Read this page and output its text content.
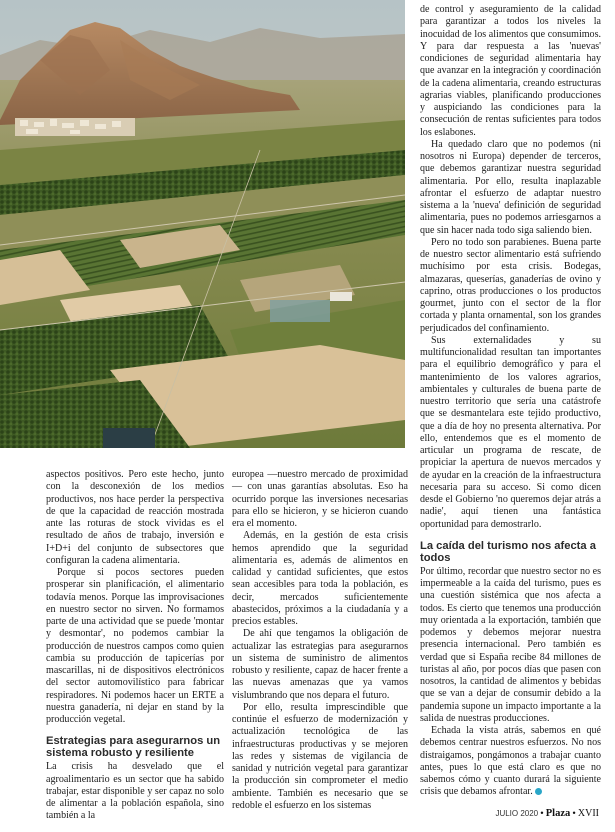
aspectos positivos. Pero este hecho, junto con la desconexión de los medios productivos, nos hace perder la perspectiva de que la capacidad de reacción mostrada ante las roturas de stock vividas es el resultado de años de trabajo, inversión e I+D+i del conjunto de subsectores que configuran la cadena alimentaria.

Porque si pocos sectores pueden prosperar sin planificación, el alimentario todavía menos. Porque las improvisaciones en nuestro sector no sirven. No formamos parte de una actividad que se puede 'montar y desmontar', no podemos cambiar la producción de nuestros campos como quien cambia su producción de tapicerías por mascarillas, ni de dispositivos electrónicos del sector automovilístico para fabricar respiradores. Ni podemos hacer un ERTE a nuestra ganadería, ni dejar en stand by la producción vegetal.

Estrategias para asegurarnos un sistema robusto y resiliente

La crisis ha desvelado que el agroalimentario es un sector que ha sabido trabajar, estar disponible y ser capaz no solo de alimentar a la población española, sino también a la

europea —nuestro mercado de proximidad— con unas garantías absolutas. Eso ha ocurrido porque las inversiones necesarias para ello se hicieron, y se hicieron cuando era el momento.

Además, en la gestión de esta crisis hemos aprendido que la seguridad alimentaria es, además de alimentos en calidad y cantidad suficientes, que estos sean accesibles para toda la población, es decir, mercados suficientemente abastecidos, próximos a la ciudadanía y a precios estables.

De ahí que tengamos la obligación de actualizar las estrategias para asegurarnos un sistema de suministro de alimentos robusto y resiliente, capaz de hacer frente a las nuevas amenazas que ya vamos vislumbrando que nos depara el futuro.

Por ello, resulta imprescindible que continúe el esfuerzo de modernización y actualización tecnológica de las infraestructuras productivas y se mejoren las redes y sistemas de vigilancia de sanidad y nutrición vegetal para garantizar la producción sin comprometer el medio ambiente. También es necesario que se redoble el esfuerzo en los sistemas

de control y aseguramiento de la calidad para garantizar a todos los niveles la inocuidad de los alimentos que consumimos. Y para dar respuesta a las 'nuevas' condiciones de seguridad alimentaria hay que avanzar en la integración y coordinación de la cadena alimentaria, creando estructuras agrarias viables, planificando producciones y auspiciando las condiciones para la consecución de rentas suficientes para todos los eslabones.

Ha quedado claro que no podemos (ni nosotros ni Europa) depender de terceros, que debemos garantizar nuestra seguridad alimentaria. Por ello, resulta inaplazable afrontar el esfuerzo de adaptar nuestro sistema a la 'nueva' definición de seguridad alimentaria, pues no podemos arriesgarnos a que sin hacer nada todo siga saliendo bien.

Pero no todo son parabienes. Buena parte de nuestro sector alimentario está sufriendo muchísimo por esta crisis. Bodegas, almazaras, queserías, ganaderías de ovino y caprino, otras producciones o los productos gourmet, junto con el sector de la flor cortada y planta ornamental, son los grandes perjudicados del confinamiento.

Sus externalidades y su multifuncionalidad resultan tan importantes para el equilibrio demográfico y para el mantenimiento de los valores agrarios, ambientales y culturales de buena parte de nuestro territorio que sería una catástrofe que se desmantelara este tejido productivo, que a día de hoy no presenta alternativa. Por ello, entendemos que es el momento de articular un programa de rescate, de propiciar la apertura de nuevos mercados y de ayudar en la creación de la infraestructura necesaria para su acceso. Si como dicen desde el Gobierno 'no queremos dejar atrás a nadie', aquí tienen una fantástica oportunidad para demostrarlo.

La caída del turismo nos afecta a todos

Por último, recordar que nuestro sector no es impermeable a la caída del turismo, pues es una cuestión sistémica que nos afecta a todos. Es cierto que tenemos una producción muy orientada a la exportación, también que podemos y debemos mejorar nuestra presencia internacional. Pero también es verdad que si España recibe 84 millones de turistas al año, por pocos días que pasen con nosotros, la cantidad de alimentos y bebidas que se van a dejar de consumir debido a la pandemia supone un impacto importante a la salida de nuestras producciones.

Echada la vista atrás, sabemos en qué debemos centrar nuestros esfuerzos. No nos distraigamos, pongámonos a trabajar cuanto antes, pues lo que está claro es que no sabemos cómo y cuanto durará la siguiente crisis que debamos afrontar.

JULIO 2020 • Plaza • XVII
